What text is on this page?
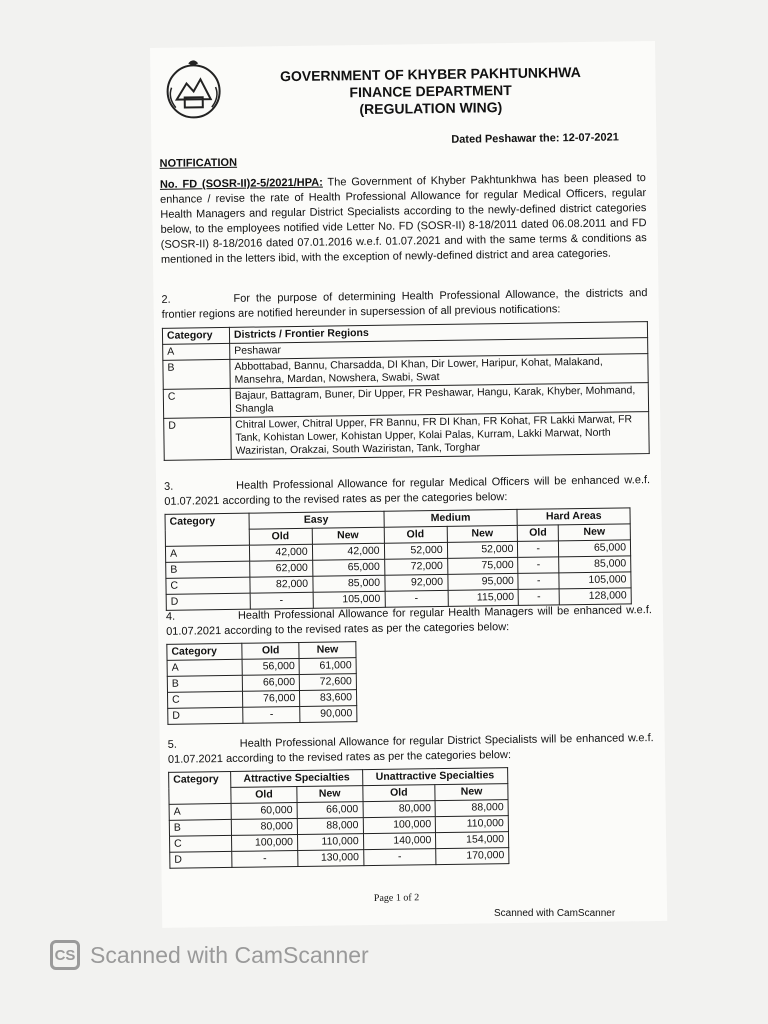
GOVERNMENT OF KHYBER PAKHTUNKHWA
FINANCE DEPARTMENT
(REGULATION WING)
Dated Peshawar the: 12-07-2021
NOTIFICATION
No. FD (SOSR-II)2-5/2021/HPA: The Government of Khyber Pakhtunkhwa has been pleased to enhance / revise the rate of Health Professional Allowance for regular Medical Officers, regular Health Managers and regular District Specialists according to the newly-defined district categories below, to the employees notified vide Letter No. FD (SOSR-II) 8-18/2011 dated 06.08.2011 and FD (SOSR-II) 8-18/2016 dated 07.01.2016 w.e.f. 01.07.2021 and with the same terms & conditions as mentioned in the letters ibid, with the exception of newly-defined district and area categories.
2.	For the purpose of determining Health Professional Allowance, the districts and frontier regions are notified hereunder in supersession of all previous notifications:
Category	Districts / Frontier Regions
A	Peshawar
B	Abbottabad, Bannu, Charsadda, DI Khan, Dir Lower, Haripur, Kohat, Malakand, Mansehra, Mardan, Nowshera, Swabi, Swat
C	Bajaur, Battagram, Buner, Dir Upper, FR Peshawar, Hangu, Karak, Khyber, Mohmand, Shangla
D	Chitral Lower, Chitral Upper, FR Bannu, FR DI Khan, FR Kohat, FR Lakki Marwat, FR Tank, Kohistan Lower, Kohistan Upper, Kolai Palas, Kurram, Lakki Marwat, North Waziristan, Orakzai, South Waziristan, Tank, Torghar
3.	Health Professional Allowance for regular Medical Officers will be enhanced w.e.f. 01.07.2021 according to the revised rates as per the categories below:
Category	Easy		Medium		Hard Areas	
	Old	New	Old	New	Old	New
A	42,000	42,000	52,000	52,000	-	65,000
B	62,000	65,000	72,000	75,000	-	85,000
C	82,000	85,000	92,000	95,000	-	105,000
D	-	105,000	-	115,000	-	128,000
4.	Health Professional Allowance for regular Health Managers will be enhanced w.e.f. 01.07.2021 according to the revised rates as per the categories below:
Category	Old	New
A	56,000	61,000
B	66,000	72,600
C	76,000	83,600
D	-	90,000
5.	Health Professional Allowance for regular District Specialists will be enhanced w.e.f. 01.07.2021 according to the revised rates as per the categories below:
Category	Attractive Specialties		Unattractive Specialties	
	Old	New	Old	New
A	60,000	66,000	80,000	88,000
B	80,000	88,000	100,000	110,000
C	100,000	110,000	140,000	154,000
D	-	130,000	-	170,000
Page 1 of 2
Scanned with CamScanner
CS Scanned with CamScanner
